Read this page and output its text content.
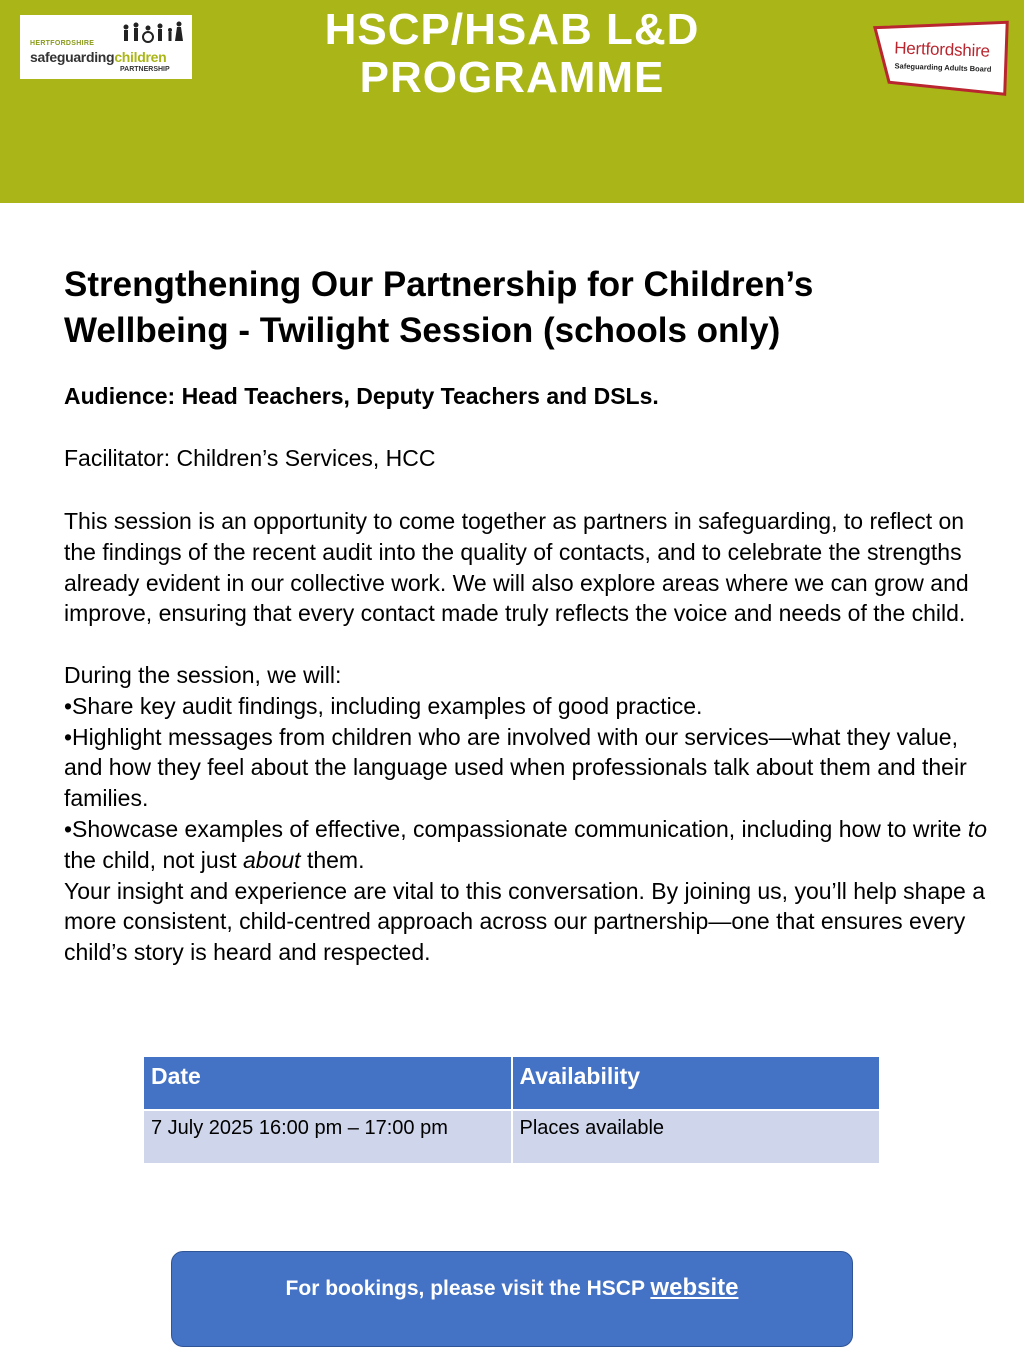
HERTFORDSHIRE
safeguardingchildren
PARTNERSHIP
HSCP/HSAB L&D
PROGRAMME
Hertfordshire
Safeguarding Adults Board
Strengthening Our Partnership for Children’s Wellbeing - Twilight Session (schools only)

Audience: Head Teachers, Deputy Teachers and DSLs.

Facilitator: Children’s Services, HCC

This session is an opportunity to come together as partners in safeguarding, to reflect on the findings of the recent audit into the quality of contacts, and to celebrate the strengths already evident in our collective work. We will also explore areas where we can grow and improve, ensuring that every contact made truly reflects the voice and needs of the child.

During the session, we will:

•Share key audit findings, including examples of good practice.

•Highlight messages from children who are involved with our services—what they value, and how they feel about the language used when professionals talk about them and their families.

•Showcase examples of effective, compassionate communication, including how to write to the child, not just about them.

Your insight and experience are vital to this conversation. By joining us, you’ll help shape a more consistent, child-centred approach across our partnership—one that ensures every child’s story is heard and respected.

Date	Availability
7 July 2025 16:00 pm – 17:00 pm	Places available
For bookings, please visit the HSCP website
